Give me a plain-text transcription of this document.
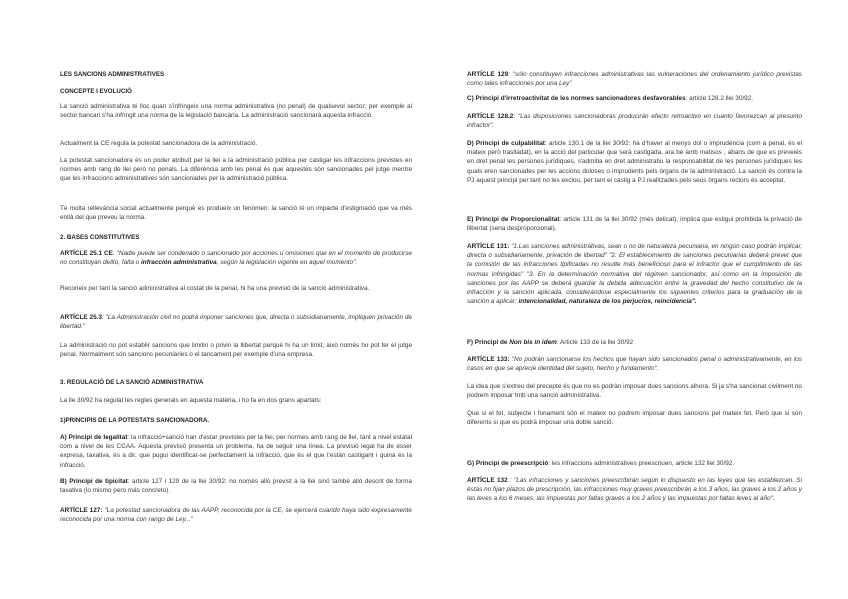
LES SANCIONS ADMINISTRATIVES
CONCEPTE I EVOLUCIÓ
La sanció administrativa té lloc quan s'infringeix una norma administrativa (no penal) de qualsevol sector; per exemple al sector bancari s'ha infringit una norma de la legislació bancària. La administració sancionarà aquesta infracció.
Actualment la CE regula la potestat sancionadora de la administració.
La potestat sancionadora és un poder atribuït per la llei a la administració pública per castigar les infraccions previstes en normes amb rang de llei però no penals. La diferència amb les penal és que aquestes són sancionades pel jutge mentre que les infraccions administratives són sancionades per la administració pública.
Té molta rellevància social actualmente perquè es produeix un fenòmen: la sanció té un impacte d'estigmació que va més enllà del que preveu la norma.
2. BASES CONSTITUTIVES
ARTÍCLE 25.1 CE: "Nadie puede ser condenado o sancionado por acciones u omisiones que en el momento de producirse no constituyan delito, falta o infracción administrativa, según la legislación vigente en aquel momento".
Reconeix per tant la sanció administrativa al costat de la penal, hi ha una previsió de la sanció administrativa.
ARTÍCLE 25.3: "La Administración civil no podrá imponer sanciones que, directa o subsidiariamente, impliquen privación de libertad."
La administració no pot establir sancions que limitin o privin la llibertat perquè hi ha un límit, això només ho pot fer el jutge penal. Normalment són sancions pecuniàries o el tancament per exemple d'una empresa.
3. REGULACIÓ DE LA SANCIÓ ADMINISTRATIVA
La lle 30/92 ha regulat les regles generals en aquesta matèria, i ho fa en dos grans apartats:
1)PRINCIPIS DE LA POTESTATS SANCIONADORA.
A) Principi de legalitat: la infracció+sanció han d'estar previstes per la llei, per normes amb rang de llei, tant a nivel estatal com a nivel de les CCAA. Aquesta previsió presenta un problema, ha de seguir una línea. La previsió legal ha de ésser expresa, taxativa, és a dir, que pugui identificar-se perfectament la infracció, que és el que t'estàn castigant i quina és la infracció.
B) Principi de tipicitat: article 127 i 129 de la llei 30/92: no només allò previst a la llei sinó també allò descrit de forma taxativa (lo mismo pero más concreto).
ARTÍCLE 127: "La potestad sancionadora de las AAPP, reconocida por la CE, se ejercerá cuando haya sido expresamente reconocida por una norma con rango de Ley..."
ARTÍCLE 129: "sólo constituyen infracciones administrativas las vulneraciones del ordenamiento jurídico previstas como tales infracciones por una Ley"
C) Principi d'irretroactivitat de les normes sancionadores desfavorables: article 128.2 llei 30/92.
ARTÍCLE 128.2: "Las disposiciones sancionadoras producirán efecto retroactivo en cuanto favorezcan al presunto infractor".
D) Principi de culpabilitat: article 130.1 de la llei 30/92: ha d'haver al menys dol o imprudència (com a penal, és el mateix però traslladat), en la acció del particular que serà castigada, ara bé amb matisos , abans de que es preveiés en dret penal les persones jurídiques, s'admitia en dret administratiu la responsabilitat de les persones jurídiques les quals eren sancionades per les accions doloses o imprudents pels òrgans de la administració. La sanció és contra la PJ aquest principi per tant no les exclou, per tant el càstig a PJ realitzades pels seus òrgans rectors és acceptat.
E) Principi de Proporcionalitat: article 131 de la llei 30/92 (més delicat), implica que estigui prohibida la privació de llibertat (seria desproporcional).
ARTÍCLE 131: "1.Las sanciones administrativas, sean o no de naturaleza pecuniaria, en ningún caso podrán implicar, directa o subsidiariamente, privación de libertad" "2. El establecimiento de sanciones pecuniarias deberá prever que la comisión de las infracciones tipificadas no resulte más beneficioso para el infractor que el cumplimiento de las normas infringidas" "3. En la determinación normativa del régimen sancionador, así como en la imposición de sanciones por las AAPP se deberá guardar la debida adecuación entre la gravedad del hecho constitutivo de la infracción y la sanción aplicada, considerándose especialmente los siguientes criterios para la graduación de la sanción a aplicar: intencionalidad, naturaleza de los perjucios, reincidencia".
F) Principi de Non bis in idem: Article 133 de la llei 30/92
ARTÍCLE 133: "No podrán sancionarse los hechos que hayan sido sancionados penal o administrativamente, en los casos en que se aprecie identidad del sujeto, hecho y fundamento".
La idea que s'extreu del precepte és que no es podràn imposar dues sancions alhora. Si ja s'ha sancionat civilment no podrem imposar tmb una sanció administrativa.
Que si el fet, subjecte i fonament són el mateix no podrem imposar dues sancions pel mateix fet. Però que si són diferents si que es podrà imposar una doble sanció.
G) Principi de preescripció: les infraccions administratives preescriuen, article 132 llei 30/92.
ARTÍCLE 132 : "Las infracciones y sanciones preescribirán según lo dispuesto en las leyes que las establezcan. Si éstas no fijan plazos de prescripción, las infracciones muy graves preescribirán a los 3 años, las graves a los 2 años y las leves a los 6 meses, las impuestas por faltas graves a los 2 años y las impuestas por faltas leves al año".
